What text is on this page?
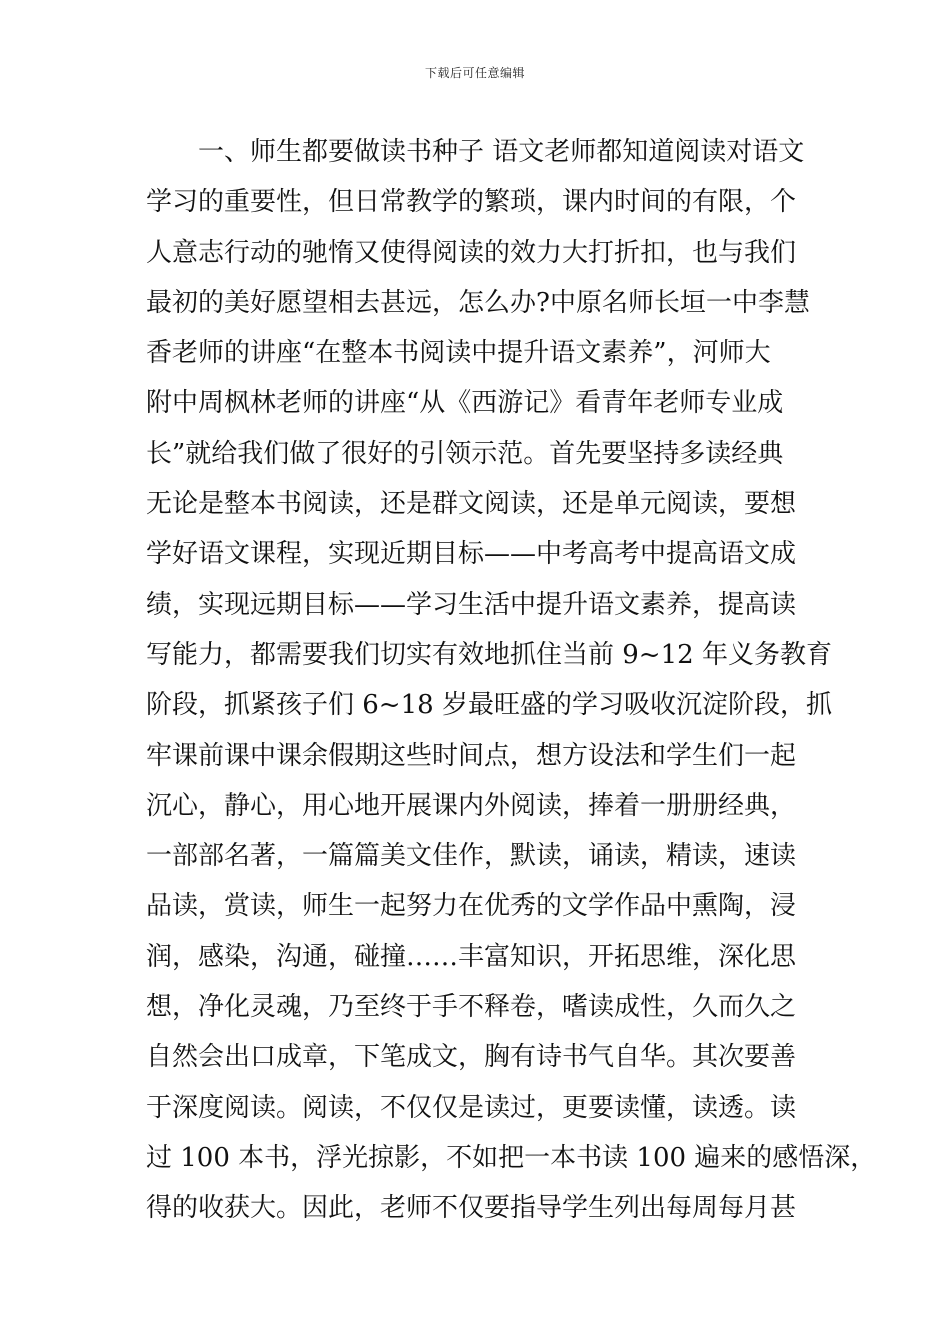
下载后可任意编辑
一、师生都要做读书种子 语文老师都知道阅读对语文
学习的重要性，但日常教学的繁琐，课内时间的有限，个
人意志行动的驰惰又使得阅读的效力大打折扣，也与我们
最初的美好愿望相去甚远，怎么办?中原名师长垣一中李慧
香老师的讲座“在整本书阅读中提升语文素养”，河师大
附中周枫林老师的讲座“从《西游记》看青年老师专业成
长”就给我们做了很好的引领示范。首先要坚持多读经典
无论是整本书阅读，还是群文阅读，还是单元阅读，要想
学好语文课程，实现近期目标——中考高考中提高语文成
绩，实现远期目标——学习生活中提升语文素养，提高读
写能力，都需要我们切实有效地抓住当前 9~12 年义务教育
阶段，抓紧孩子们 6~18 岁最旺盛的学习吸收沉淀阶段，抓
牢课前课中课余假期这些时间点，想方设法和学生们一起
沉心，静心，用心地开展课内外阅读，捧着一册册经典，
一部部名著，一篇篇美文佳作，默读，诵读，精读，速读
品读，赏读，师生一起努力在优秀的文学作品中熏陶，浸
润，感染，沟通，碰撞……丰富知识，开拓思维，深化思
想，净化灵魂，乃至终于手不释卷，嗜读成性，久而久之
自然会出口成章，下笔成文，胸有诗书气自华。其次要善
于深度阅读。阅读，不仅仅是读过，更要读懂，读透。读
过 100 本书，浮光掠影，不如把一本书读 100 遍来的感悟深，
得的收获大。因此，老师不仅要指导学生列出每周每月甚
